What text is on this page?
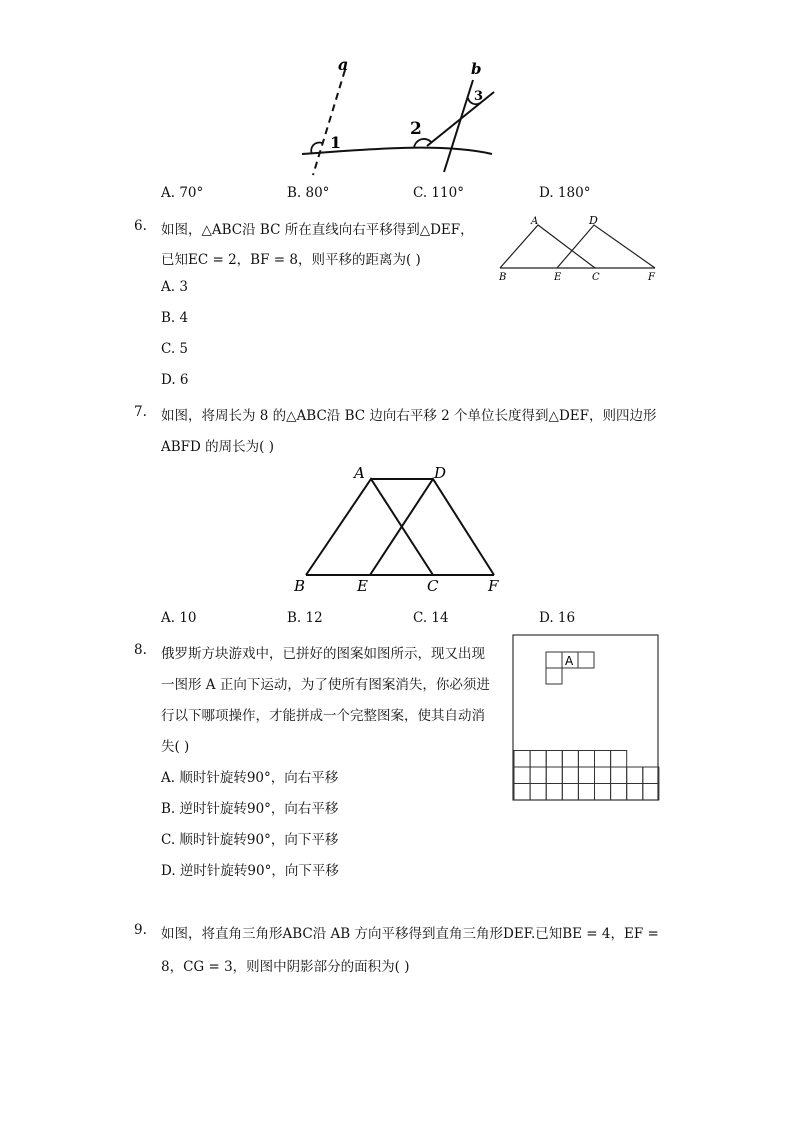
a	b
1
2
3
A. 70°	B. 80°	C. 110°	D. 180°
6. 如图，△ABC沿 BC 所在直线向右平移得到△DEF，
已知EC = 2，BF = 8，则平移的距离为( )
A. 3
B. 4
C. 5
D. 6
A	D
B	E	C	F
7. 如图，将周长为 8 的△ABC沿 BC 边向右平移 2 个单位长度得到△DEF，则四边形
ABFD 的周长为( )
A	D
B	E	C	F
A. 10	B. 12	C. 14	D. 16
8. 俄罗斯方块游戏中，已拼好的图案如图所示，现又出现
一图形 A 正向下运动，为了使所有图案消失，你必须进
行以下哪项操作，才能拼成一个完整图案，使其自动消
失( )
A. 顺时针旋转90°，向右平移
B. 逆时针旋转90°，向右平移
C. 顺时针旋转90°，向下平移
D. 逆时针旋转90°，向下平移
A
9. 如图，将直角三角形ABC沿 AB 方向平移得到直角三角形DEF.已知BE = 4，EF =
8，CG = 3，则图中阴影部分的面积为( )
